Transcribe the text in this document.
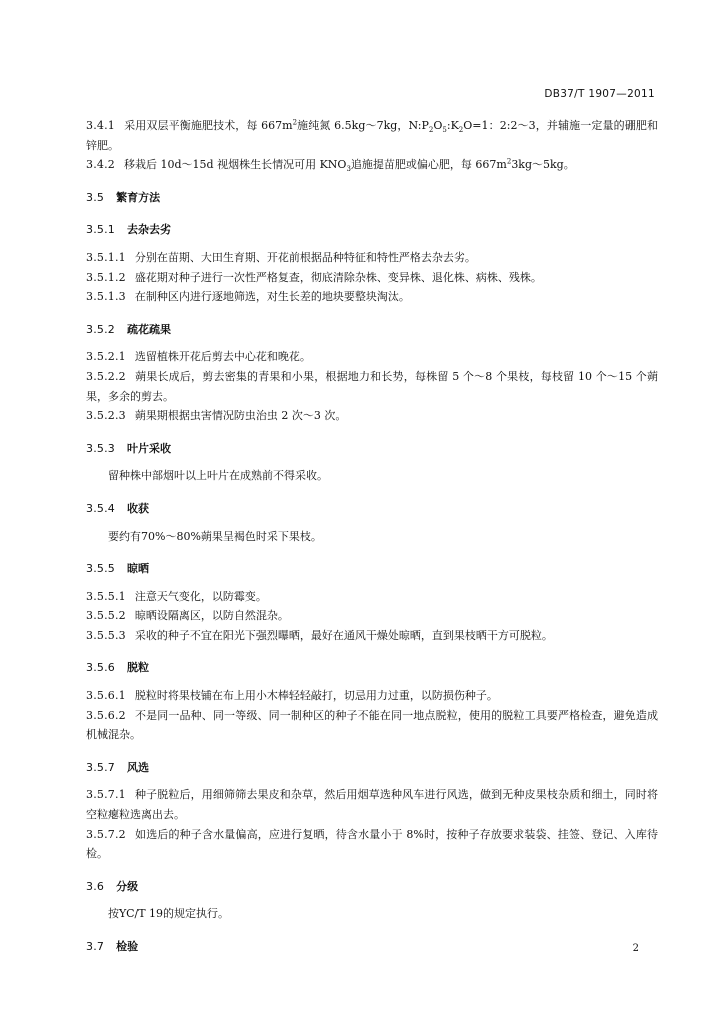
DB37/T 1907—2011

3.4.1 采用双层平衡施肥技术，每 $667m^2$施纯氮 6.5kg～7kg，$N:P_2O_5:K_2O=1$：2:2～3，并辅施一定量的硼肥和锌肥。

3.4.2 移栽后 10d～15d 视烟株生长情况可用 $KNO_3$追施提苗肥或偏心肥，每 $667m^23kg\sim 5kg$。

3.5 繁育方法
3.5.1 去杂去劣

3.5.1.1 分别在苗期、大田生育期、开花前根据品种特征和特性严格去杂去劣。

3.5.1.2 盛花期对种子进行一次性严格复查，彻底清除杂株、变异株、退化株、病株、残株。

3.5.1.3 在制种区内进行逐地筛选，对生长差的地块要整块淘汰。

3.5.2 疏花疏果

3.5.2.1 选留植株开花后剪去中心花和晚花。

3.5.2.2 蒴果长成后，剪去密集的青果和小果，根据地力和长势，每株留 5 个～8 个果枝，每枝留 10 个～15 个蒴果，多余的剪去。

3.5.2.3 蒴果期根据虫害情况防虫治虫 2 次～3 次。

3.5.3 叶片采收

留种株中部烟叶以上叶片在成熟前不得采收。

3.5.4 收获

要约有70%～80%蒴果呈褐色时采下果枝。

3.5.5 晾晒

3.5.5.1 注意天气变化，以防霉变。

3.5.5.2 晾晒设隔离区，以防自然混杂。

3.5.5.3 采收的种子不宜在阳光下强烈曝晒，最好在通风干燥处晾晒，直到果枝晒干方可脱粒。

3.5.6 脱粒

3.5.6.1 脱粒时将果枝铺在布上用小木棒轻轻敲打，切忌用力过重，以防损伤种子。

3.5.6.2 不是同一品种、同一等级、同一制种区的种子不能在同一地点脱粒，使用的脱粒工具要严格检查，避免造成机械混杂。

3.5.7 风选

3.5.7.1 种子脱粒后，用细筛筛去果皮和杂草，然后用烟草选种风车进行风选，做到无种皮果枝杂质和细土，同时将空粒瘪粒选离出去。

3.5.7.2 如选后的种子含水量偏高，应进行复晒，待含水量小于 8%时，按种子存放要求装袋、挂签、登记、入库待检。

3.6 分级

按YC/T 19的规定执行。

3.7 检验	2
